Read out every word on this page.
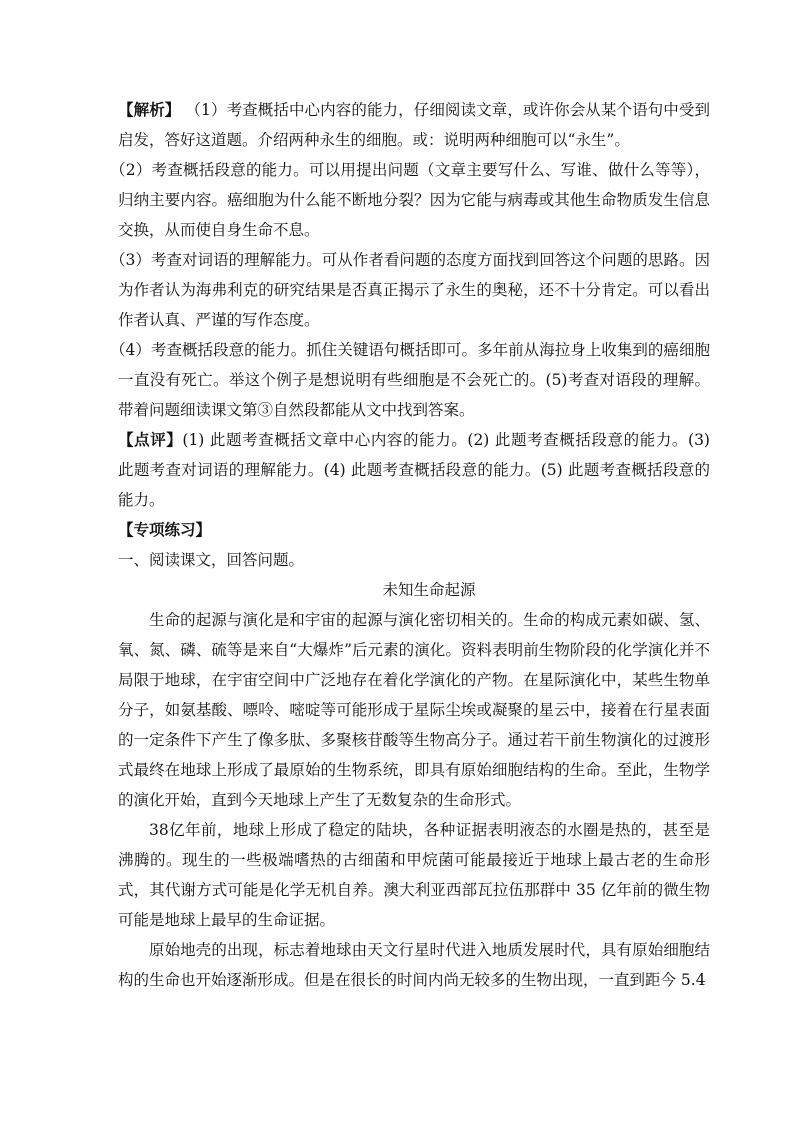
【解析】 （1）考查概括中心内容的能力，仔细阅读文章，或许你会从某个语句中受到启发，答好这道题。介绍两种永生的细胞。或：说明两种细胞可以“永生”。

（2）考查概括段意的能力。可以用提出问题（文章主要写什么、写谁、做什么等等），归纳主要内容。癌细胞为什么能不断地分裂？因为它能与病毒或其他生命物质发生信息交换，从而使自身生命不息。

（3）考查对词语的理解能力。可从作者看问题的态度方面找到回答这个问题的思路。因为作者认为海弗利克的研究结果是否真正揭示了永生的奥秘，还不十分肯定。可以看出作者认真、严谨的写作态度。

（4）考查概括段意的能力。抓住关键语句概括即可。多年前从海拉身上收集到的癌细胞一直没有死亡。举这个例子是想说明有些细胞是不会死亡的。(5)考查对语段的理解。带着问题细读课文第③自然段都能从文中找到答案。

【点评】(1) 此题考查概括文章中心内容的能力。(2) 此题考查概括段意的能力。(3) 此题考查对词语的理解能力。(4) 此题考查概括段意的能力。(5) 此题考查概括段意的能力。

【专项练习】

一、阅读课文，回答问题。

未知生命起源

生命的起源与演化是和宇宙的起源与演化密切相关的。生命的构成元素如碳、氢、氧、氮、磷、硫等是来自“大爆炸”后元素的演化。资料表明前生物阶段的化学演化并不局限于地球，在宇宙空间中广泛地存在着化学演化的产物。在星际演化中，某些生物单分子，如氨基酸、嘌呤、嘧啶等可能形成于星际尘埃或凝聚的星云中，接着在行星表面的一定条件下产生了像多肽、多聚核苷酸等生物高分子。通过若干前生物演化的过渡形式最终在地球上形成了最原始的生物系统，即具有原始细胞结构的生命。至此，生物学的演化开始，直到今天地球上产生了无数复杂的生命形式。

38亿年前，地球上形成了稳定的陆块，各种证据表明液态的水圈是热的，甚至是沸腾的。现生的一些极端嗜热的古细菌和甲烷菌可能最接近于地球上最古老的生命形式，其代谢方式可能是化学无机自养。澳大利亚西部瓦拉伍那群中 35 亿年前的微生物可能是地球上最早的生命证据。

原始地壳的出现，标志着地球由天文行星时代进入地质发展时代，具有原始细胞结构的生命也开始逐渐形成。但是在很长的时间内尚无较多的生物出现，一直到距今 5.4
